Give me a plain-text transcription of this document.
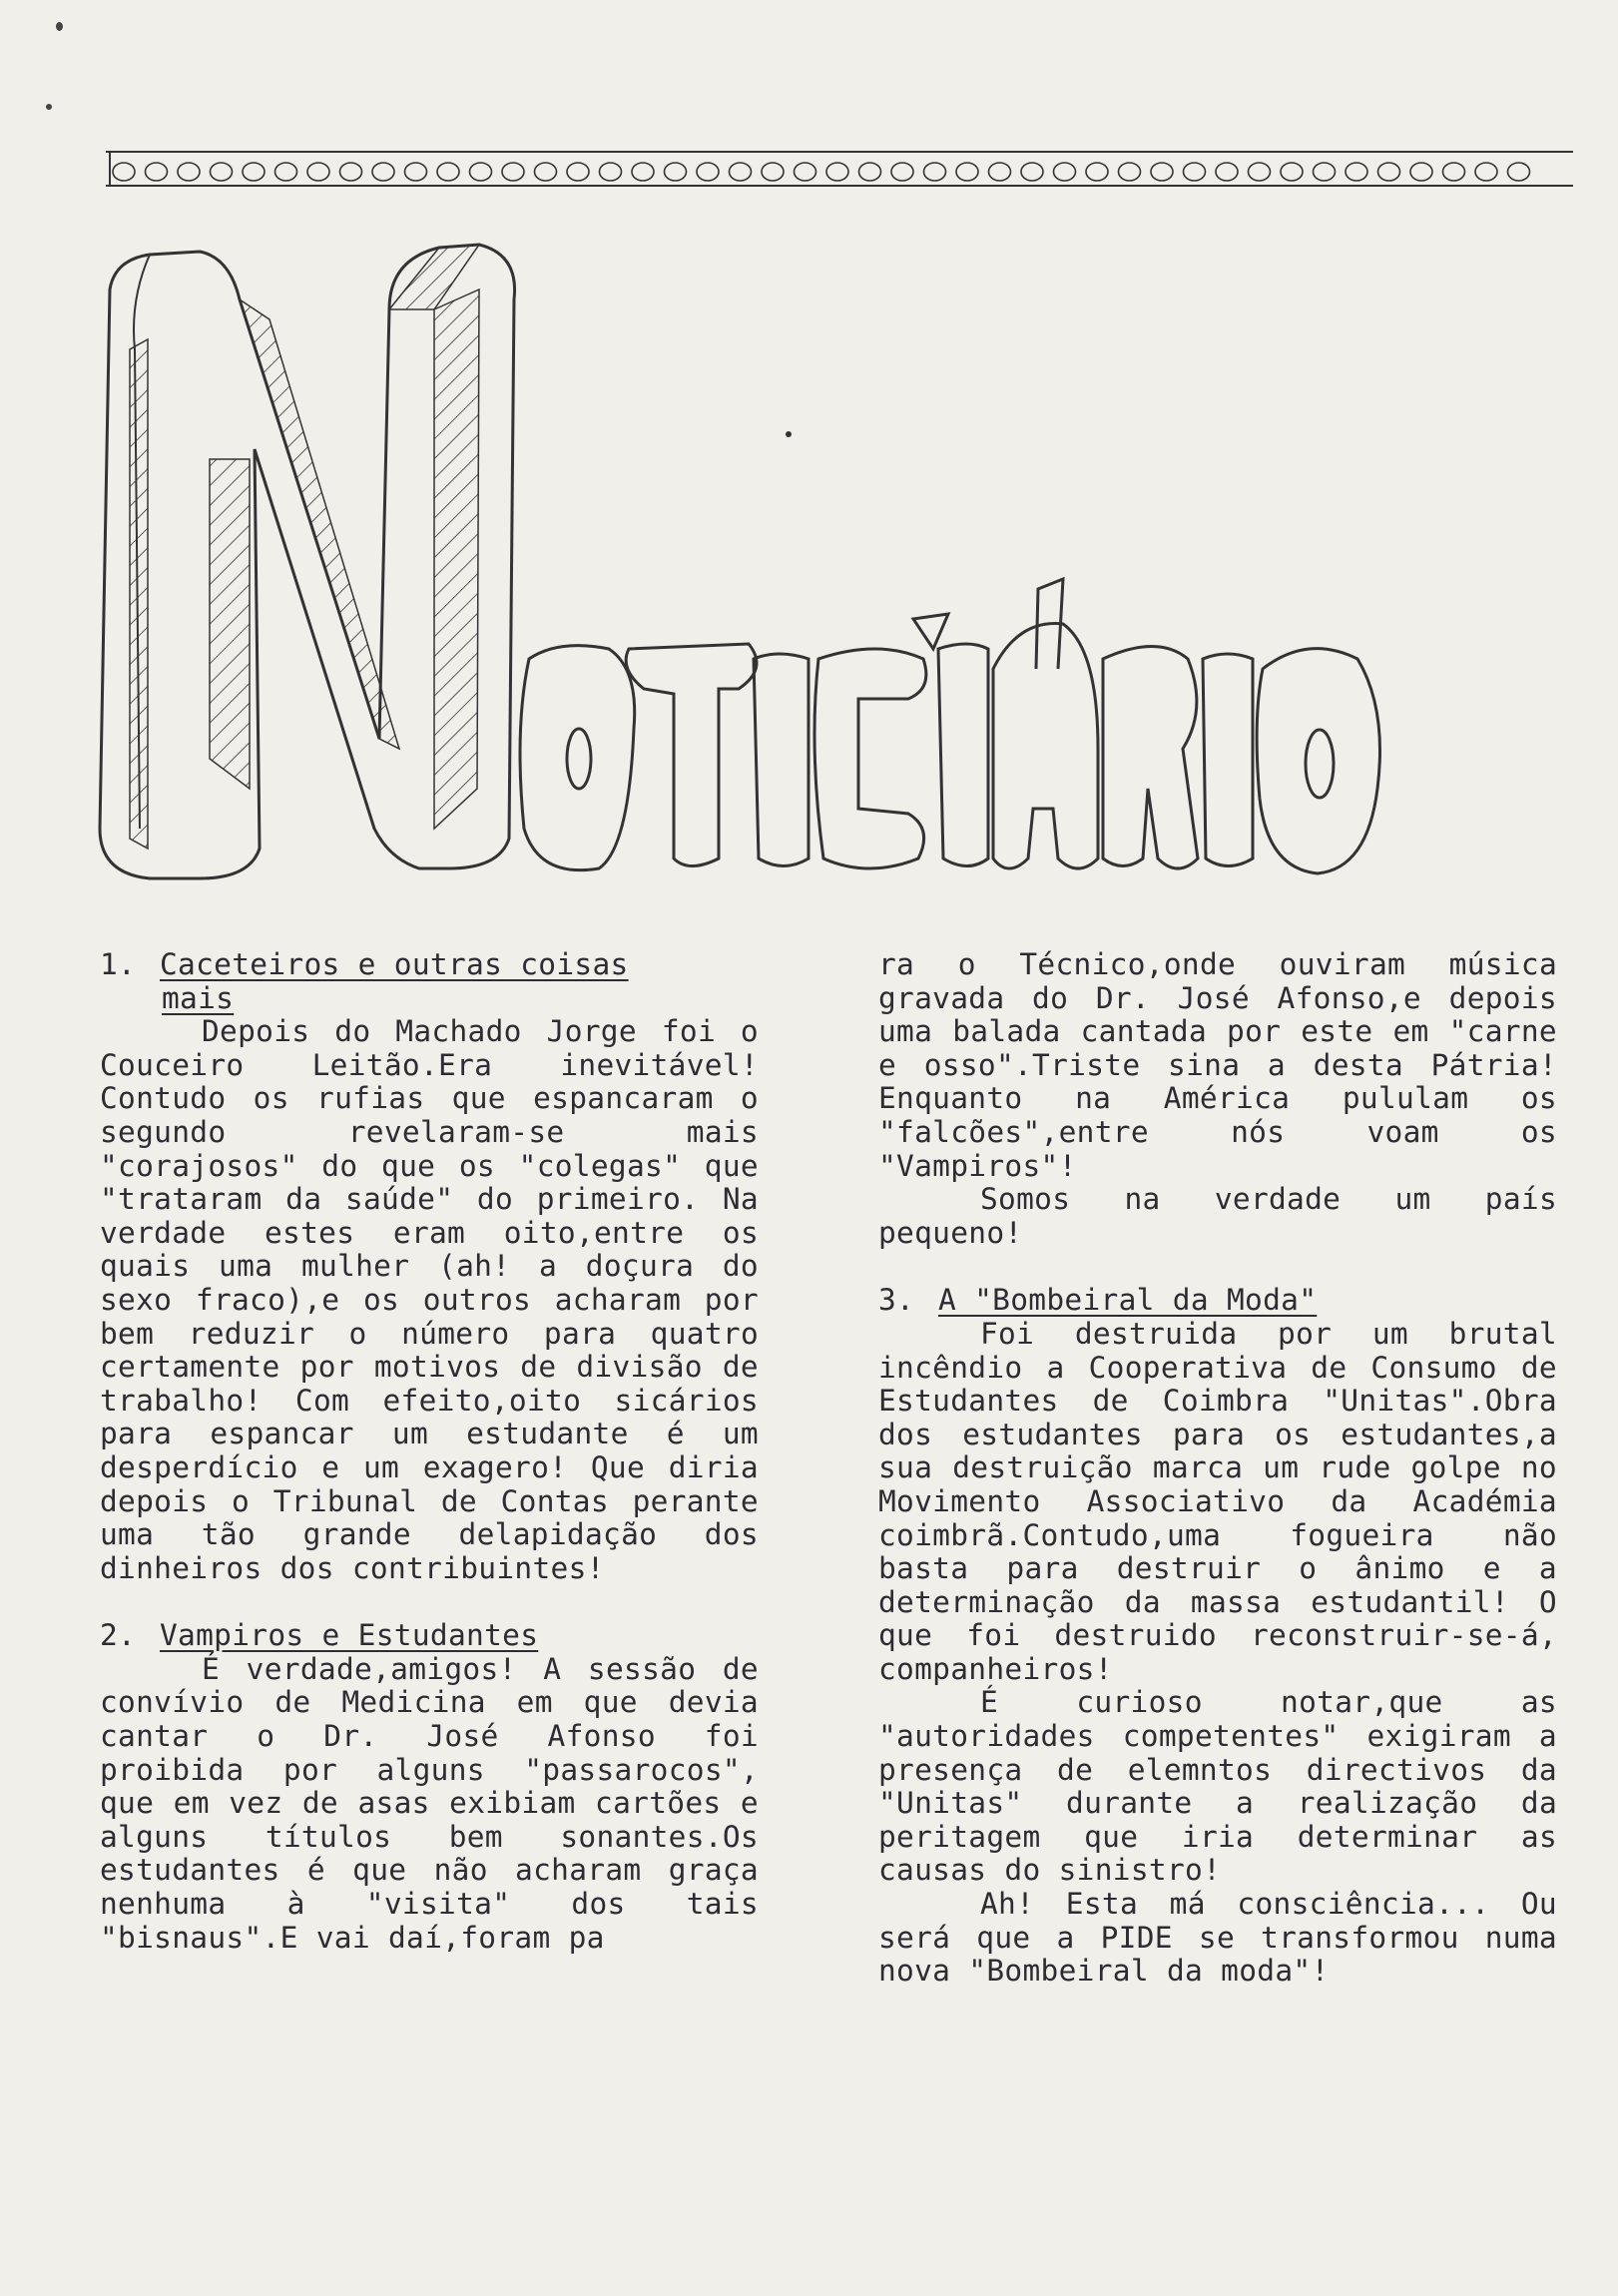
1. Caceteiros e outras coisas
mais

Depois do Machado Jorge foi o Couceiro Leitão.Era inevitável! Contudo os rufias que espancaram o segundo revelaram-se mais "corajosos" do que os "colegas" que "trataram da saúde" do primeiro. Na verdade estes eram oito,entre os quais uma mulher (ah! a doçura do sexo fraco),e os outros acharam por bem reduzir o número para quatro certamente por motivos de divisão de trabalho! Com efeito,oito sicários para espancar um estudante é um desperdício e um exagero! Que diria depois o Tribunal de Contas perante uma tão grande delapidação dos dinheiros dos contribuintes!

2. Vampiros e Estudantes

É verdade,amigos! A sessão de convívio de Medicina em que devia cantar o Dr. José Afonso foi proibida por alguns "passarocos", que em vez de asas exibiam cartões e alguns títulos bem sonantes.Os estudantes é que não acharam graça nenhuma à "visita" dos tais "bisnaus".E vai daí,foram pa

ra o Técnico,onde ouviram música gravada do Dr. José Afonso,e depois uma balada cantada por este em "carne e osso".Triste sina a desta Pátria! Enquanto na América pululam os "falcões",entre nós voam os "Vampiros"!

Somos na verdade um país pequeno!

3. A "Bombeiral da Moda"

Foi destruida por um brutal incêndio a Cooperativa de Consumo de Estudantes de Coimbra "Unitas".Obra dos estudantes para os estudantes,a sua destruição marca um rude golpe no Movimento Associativo da Académia coimbrã.Contudo,uma fogueira não basta para destruir o ânimo e a determinação da massa estudantil! O que foi destruido reconstruir-se-á, companheiros!

É curioso notar,que as "autoridades competentes" exigiram a presença de elemntos directivos da "Unitas" durante a realização da peritagem que iria determinar as causas do sinistro!

Ah! Esta má consciência... Ou será que a PIDE se transformou numa nova "Bombeiral da moda"!
